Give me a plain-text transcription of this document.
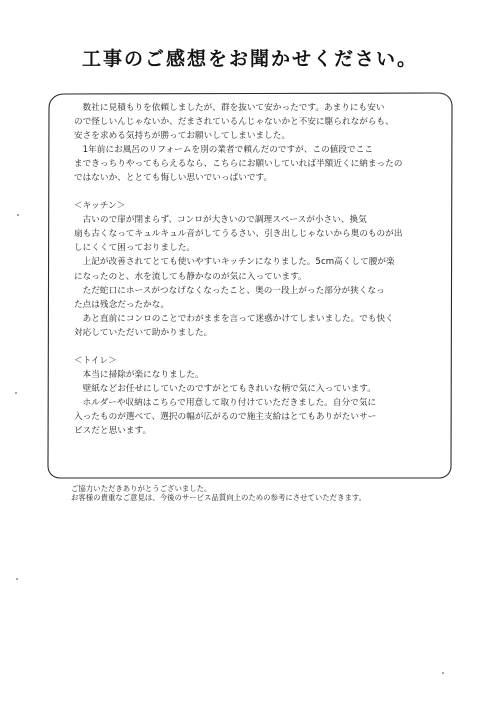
工事のご感想をお聞かせください。

　数社に見積もりを依頼しましたが、群を抜いて安かったです。あまりにも安い

ので怪しいんじゃないか、だまされているんじゃないかと不安に駆られながらも、

安さを求める気持ちが勝ってお願いしてしまいました。

　1年前にお風呂のリフォームを別の業者で頼んだのですが、この値段でここ

まできっちりやってもらえるなら、こちらにお願いしていれば半額近くに納まったの

ではないか、ととても悔しい思いでいっぱいです。

＜キッチン＞

　古いので扉が閉まらず、コンロが大きいので調理スペースが小さい、換気

扇も古くなってキュルキュル音がしてうるさい、引き出しじゃないから奥のものが出

しにくくて困っておりました。

　上記が改善されてとても使いやすいキッチンになりました。5cm高くして腰が楽

になったのと、水を流しても静かなのが気に入っています。

　ただ蛇口にホースがつなげなくなったこと、奥の一段上がった部分が狭くなっ

た点は残念だったかな。

　あと直前にコンロのことでわがままを言って迷惑かけてしまいました。でも快く

対応していただいて助かりました。

＜トイレ＞

　本当に掃除が楽になりました。

　壁紙などお任せにしていたのですがとてもきれいな柄で気に入っています。

　ホルダーや収納はこちらで用意して取り付けていただきました。自分で気に

入ったものが選べて、選択の幅が広がるので施主支給はとてもありがたいサー

ビスだと思います。

ご協力いただきありがとうございました。

お客様の貴重なご意見は、今後のサービス品質向上のための参考にさせていただきます。
